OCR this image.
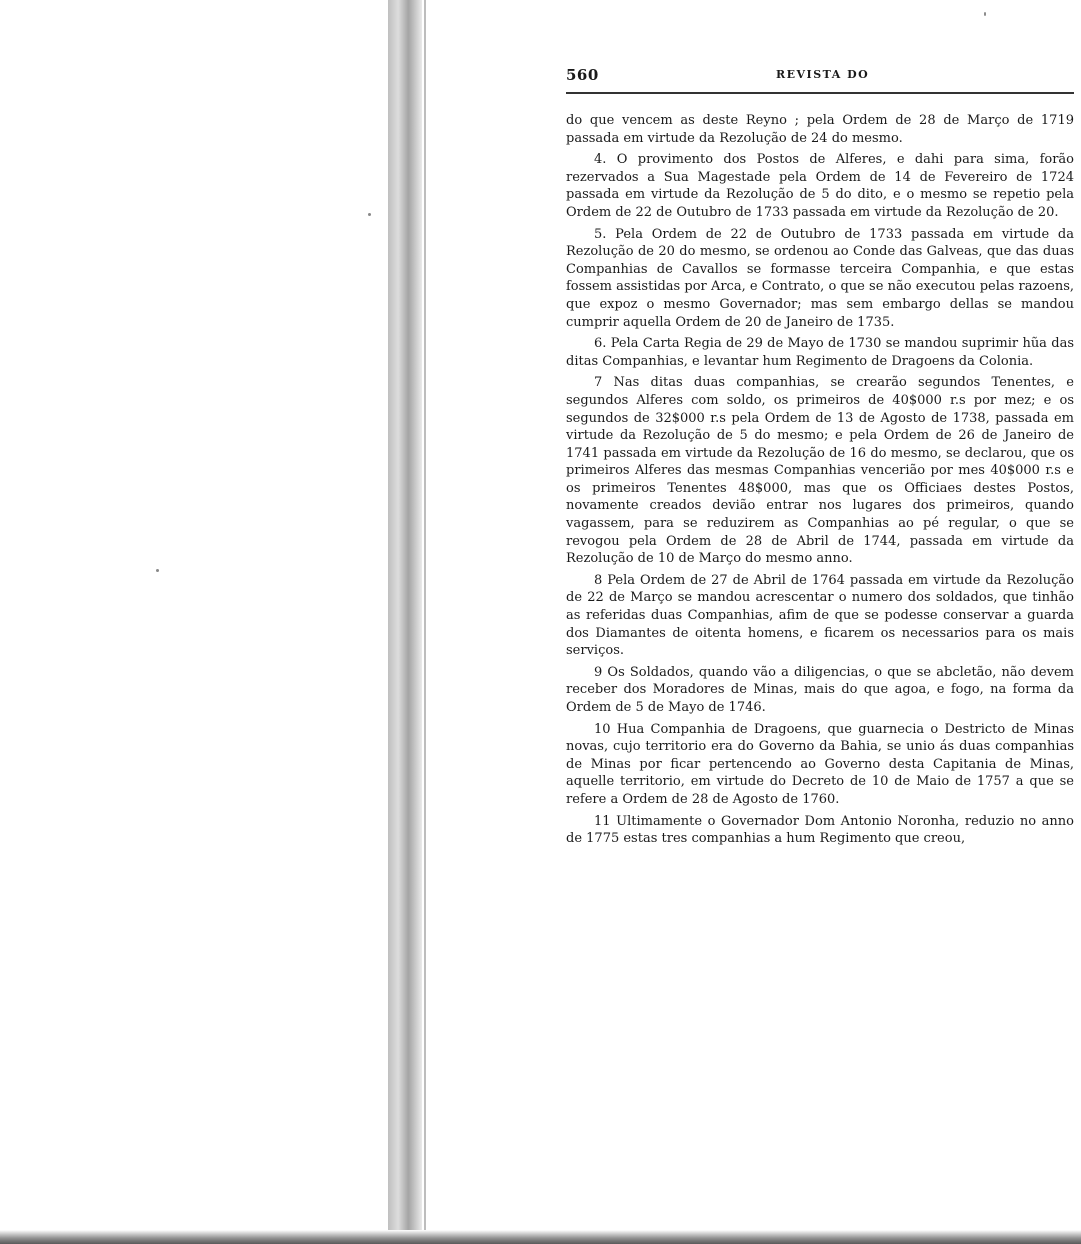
560	REVISTA DO

do que vencem as deste Reyno ; pela Ordem de 28 de Março de 1719 passada em virtude da Rezolução de 24 do mesmo.

4. O provimento dos Postos de Alferes, e dahi para sima, forão rezervados a Sua Magestade pela Ordem de 14 de Fevereiro de 1724 passada em virtude da Rezolução de 5 do dito, e o mesmo se repetio pela Ordem de 22 de Outubro de 1733 passada em virtude da Rezolução de 20.

5. Pela Ordem de 22 de Outubro de 1733 passada em virtude da Rezolução de 20 do mesmo, se ordenou ao Conde das Galveas, que das duas Companhias de Cavallos se formasse terceira Companhia, e que estas fossem assistidas por Arca, e Contrato, o que se não executou pelas razoens, que expoz o mesmo Governador; mas sem embargo dellas se mandou cumprir aquella Ordem de 20 de Janeiro de 1735.

6. Pela Carta Regia de 29 de Mayo de 1730 se mandou suprimir hũa das ditas Companhias, e levantar hum Regimento de Dragoens da Colonia.

7 Nas ditas duas companhias, se crearão segundos Tenentes, e segundos Alferes com soldo, os primeiros de 40$000 r.s por mez; e os segundos de 32$000 r.s pela Ordem de 13 de Agosto de 1738, passada em virtude da Rezolução de 5 do mesmo; e pela Ordem de 26 de Janeiro de 1741 passada em virtude da Rezolução de 16 do mesmo, se declarou, que os primeiros Alferes das mesmas Companhias vencerião por mes 40$000 r.s e os primeiros Tenentes 48$000, mas que os Officiaes destes Postos, novamente creados devião entrar nos lugares dos primeiros, quando vagassem, para se reduzirem as Companhias ao pé regular, o que se revogou pela Ordem de 28 de Abril de 1744, passada em virtude da Rezolução de 10 de Março do mesmo anno.

8 Pela Ordem de 27 de Abril de 1764 passada em virtude da Rezolução de 22 de Março se mandou acrescentar o numero dos soldados, que tinhão as referidas duas Companhias, afim de que se podesse conservar a guarda dos Diamantes de oitenta homens, e ficarem os necessarios para os mais serviços.

9 Os Soldados, quando vão a diligencias, o que se abcletão, não devem receber dos Moradores de Minas, mais do que agoa, e fogo, na forma da Ordem de 5 de Mayo de 1746.

10 Hua Companhia de Dragoens, que guarnecia o Destricto de Minas novas, cujo territorio era do Governo da Bahia, se unio ás duas companhias de Minas por ficar pertencendo ao Governo desta Capitania de Minas, aquelle territorio, em virtude do Decreto de 10 de Maio de 1757 a que se refere a Ordem de 28 de Agosto de 1760.

11 Ultimamente o Governador Dom Antonio Noronha, reduzio no anno de 1775 estas tres companhias a hum Regimento que creou,
